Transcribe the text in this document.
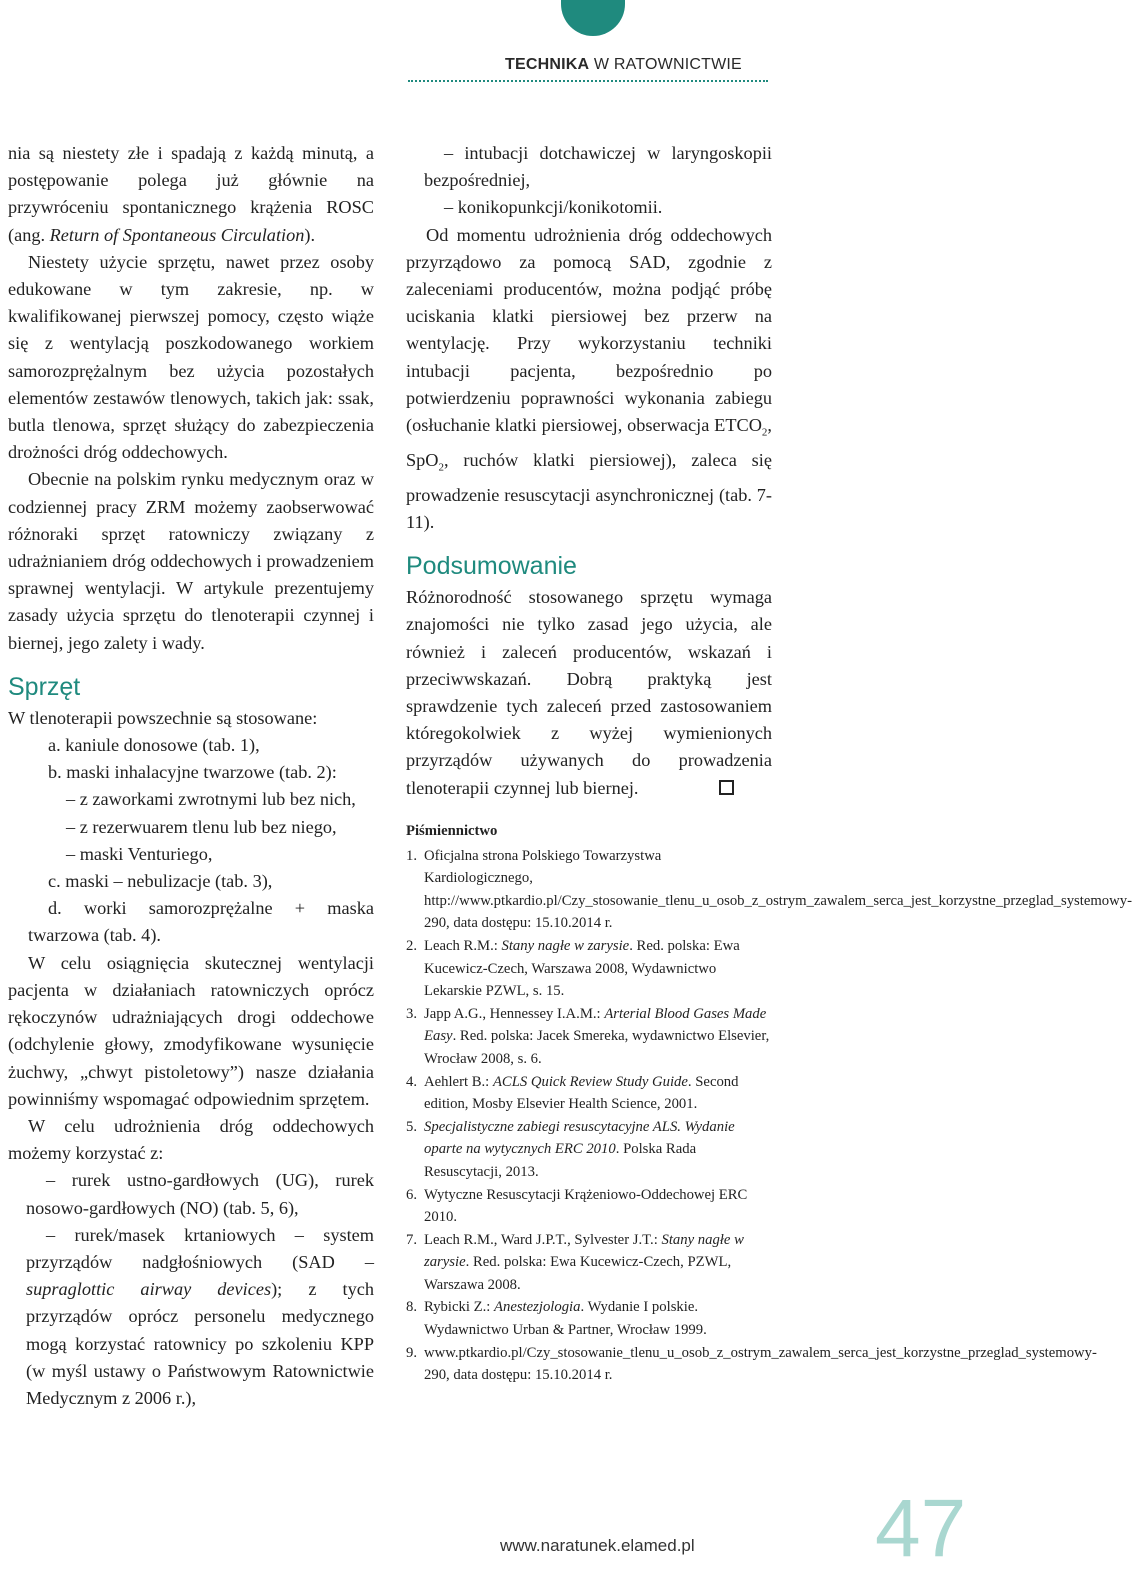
TECHNIKA W RATOWNICTWIE

nia są niestety złe i spadają z każdą minutą, a postępowanie polega już głównie na przywróceniu spontanicznego krążenia ROSC (ang. Return of Spontaneous Circulation).

Niestety użycie sprzętu, nawet przez osoby edukowane w tym zakresie, np. w kwalifikowanej pierwszej pomocy, często wiąże się z wentylacją poszkodowanego workiem samorozprężalnym bez użycia pozostałych elementów zestawów tlenowych, takich jak: ssak, butla tlenowa, sprzęt służący do zabezpieczenia drożności dróg oddechowych.

Obecnie na polskim rynku medycznym oraz w codziennej pracy ZRM możemy zaobserwować różnoraki sprzęt ratowniczy związany z udrażnianiem dróg oddechowych i prowadzeniem sprawnej wentylacji. W artykule prezentujemy zasady użycia sprzętu do tlenoterapii czynnej i biernej, jego zalety i wady.

Sprzęt

W tlenoterapii powszechnie są stosowane:

a. kaniule donosowe (tab. 1),

b. maski inhalacyjne twarzowe (tab. 2):

– z zaworkami zwrotnymi lub bez nich,

– z rezerwuarem tlenu lub bez niego,

– maski Venturiego,

c. maski – nebulizacje (tab. 3),

d. worki samorozprężalne + maska twarzowa (tab. 4).

W celu osiągnięcia skutecznej wentylacji pacjenta w działaniach ratowniczych oprócz rękoczynów udrażniających drogi oddechowe (odchylenie głowy, zmodyfikowane wysunięcie żuchwy, „chwyt pistoletowy”) nasze działania powinniśmy wspomagać odpowiednim sprzętem.

W celu udrożnienia dróg oddechowych możemy korzystać z:

– rurek ustno-gardłowych (UG), rurek nosowo-gardłowych (NO) (tab. 5, 6),

– rurek/masek krtaniowych – system przyrządów nadgłośniowych (SAD – supraglottic airway devices); z tych przyrządów oprócz personelu medycznego mogą korzystać ratownicy po szkoleniu KPP (w myśl ustawy o Państwowym Ratownictwie Medycznym z 2006 r.),

– intubacji dotchawiczej w laryngoskopii bezpośredniej,

– konikopunkcji/konikotomii.

Od momentu udrożnienia dróg oddechowych przyrządowo za pomocą SAD, zgodnie z zaleceniami producentów, można podjąć próbę uciskania klatki piersiowej bez przerw na wentylację. Przy wykorzystaniu techniki intubacji pacjenta, bezpośrednio po potwierdzeniu poprawności wykonania zabiegu (osłuchanie klatki piersiowej, obserwacja $ETCO_2$, SpO$_2$, ruchów klatki piersiowej), zaleca się prowadzenie resuscytacji asynchronicznej (tab. 7-11).

Podsumowanie

Różnorodność stosowanego sprzętu wymaga znajomości nie tylko zasad jego użycia, ale również i zaleceń producentów, wskazań i przeciwwskazań. Dobrą praktyką jest sprawdzenie tych zaleceń przed zastosowaniem któregokolwiek z wyżej wymienionych przyrządów używanych do prowadzenia tlenoterapii czynnej lub biernej.

Piśmiennictwo
1. Oficjalna strona Polskiego Towarzystwa Kardiologicznego, http://www.ptkardio.pl/Czy_stosowanie_tlenu_u_osob_z_ostrym_zawalem_serca_jest_korzystne_przeglad_systemowy-290, data dostępu: 15.10.2014 r.
2. Leach R.M.: Stany nagłe w zarysie. Red. polska: Ewa Kucewicz-Czech, Warszawa 2008, Wydawnictwo Lekarskie PZWL, s. 15.
3. Japp A.G., Hennessey I.A.M.: Arterial Blood Gases Made Easy. Red. polska: Jacek Smereka, wydawnictwo Elsevier, Wrocław 2008, s. 6.
4. Aehlert B.: ACLS Quick Review Study Guide. Second edition, Mosby Elsevier Health Science, 2001.
5. Specjalistyczne zabiegi resuscytacyjne ALS. Wydanie oparte na wytycznych ERC 2010. Polska Rada Resuscytacji, 2013.
6. Wytyczne Resuscytacji Krążeniowo-Oddechowej ERC 2010.
7. Leach R.M., Ward J.P.T., Sylvester J.T.: Stany nagłe w zarysie. Red. polska: Ewa Kucewicz-Czech, PZWL, Warszawa 2008.
8. Rybicki Z.: Anestezjologia. Wydanie I polskie. Wydawnictwo Urban & Partner, Wrocław 1999.
9. www.ptkardio.pl/Czy_stosowanie_tlenu_u_osob_z_ostrym_zawalem_serca_jest_korzystne_przeglad_systemowy-290, data dostępu: 15.10.2014 r.
www.naratunek.elamed.pl 47
